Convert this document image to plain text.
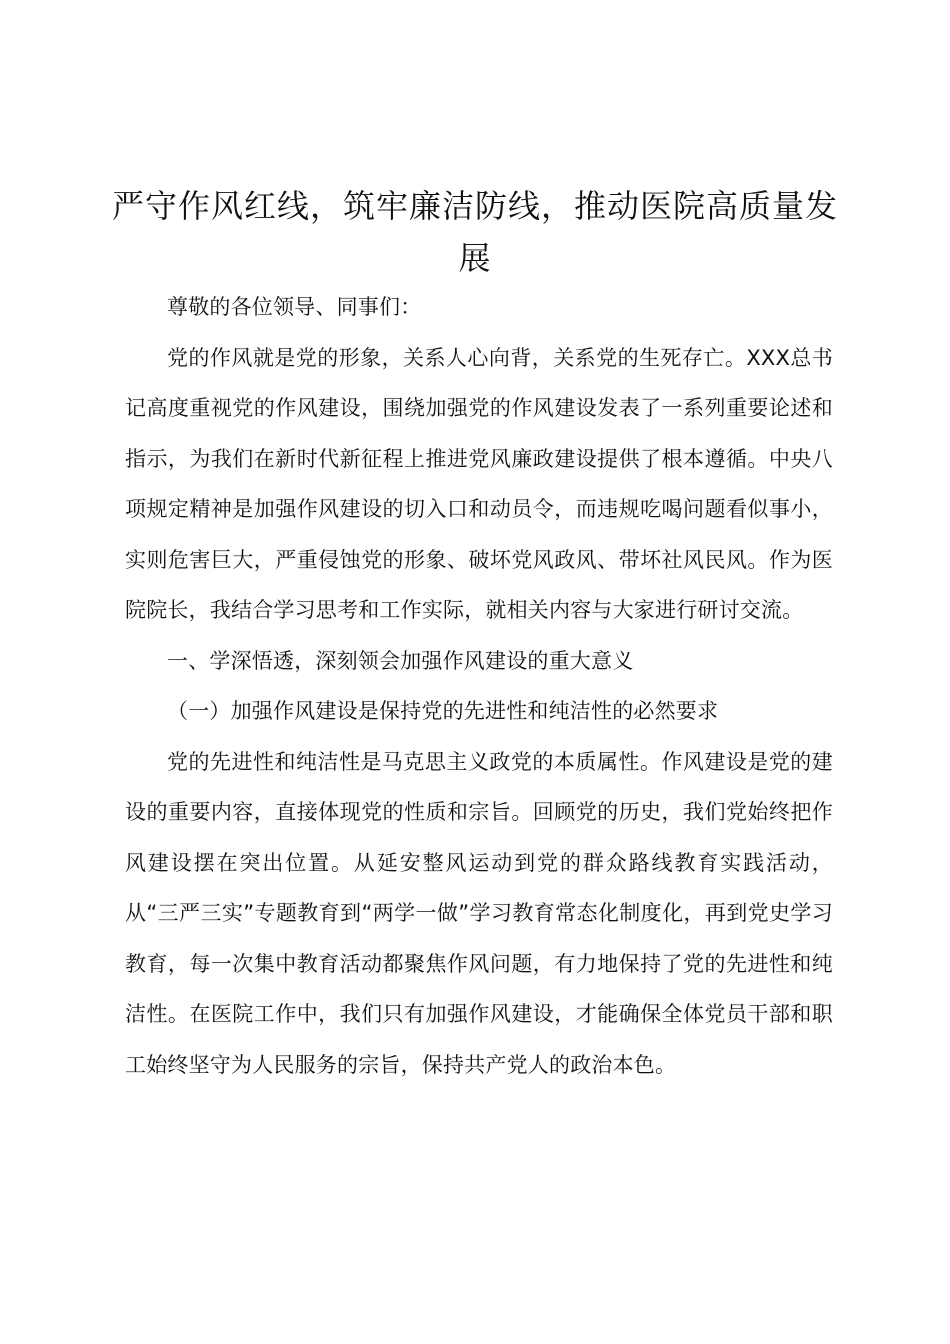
严守作风红线，筑牢廉洁防线，推动医院高质量发展

尊敬的各位领导、同事们：

党的作风就是党的形象，关系人心向背，关系党的生死存亡。XXX总书记高度重视党的作风建设，围绕加强党的作风建设发表了一系列重要论述和指示，为我们在新时代新征程上推进党风廉政建设提供了根本遵循。中央八项规定精神是加强作风建设的切入口和动员令，而违规吃喝问题看似事小，实则危害巨大，严重侵蚀党的形象、破坏党风政风、带坏社风民风。作为医院院长，我结合学习思考和工作实际，就相关内容与大家进行研讨交流。

一、学深悟透，深刻领会加强作风建设的重大意义

（一）加强作风建设是保持党的先进性和纯洁性的必然要求

党的先进性和纯洁性是马克思主义政党的本质属性。作风建设是党的建设的重要内容，直接体现党的性质和宗旨。回顾党的历史，我们党始终把作风建设摆在突出位置。从延安整风运动到党的群众路线教育实践活动，从“三严三实”专题教育到“两学一做”学习教育常态化制度化，再到党史学习教育，每一次集中教育活动都聚焦作风问题，有力地保持了党的先进性和纯洁性。在医院工作中，我们只有加强作风建设，才能确保全体党员干部和职工始终坚守为人民服务的宗旨，保持共产党人的政治本色。
